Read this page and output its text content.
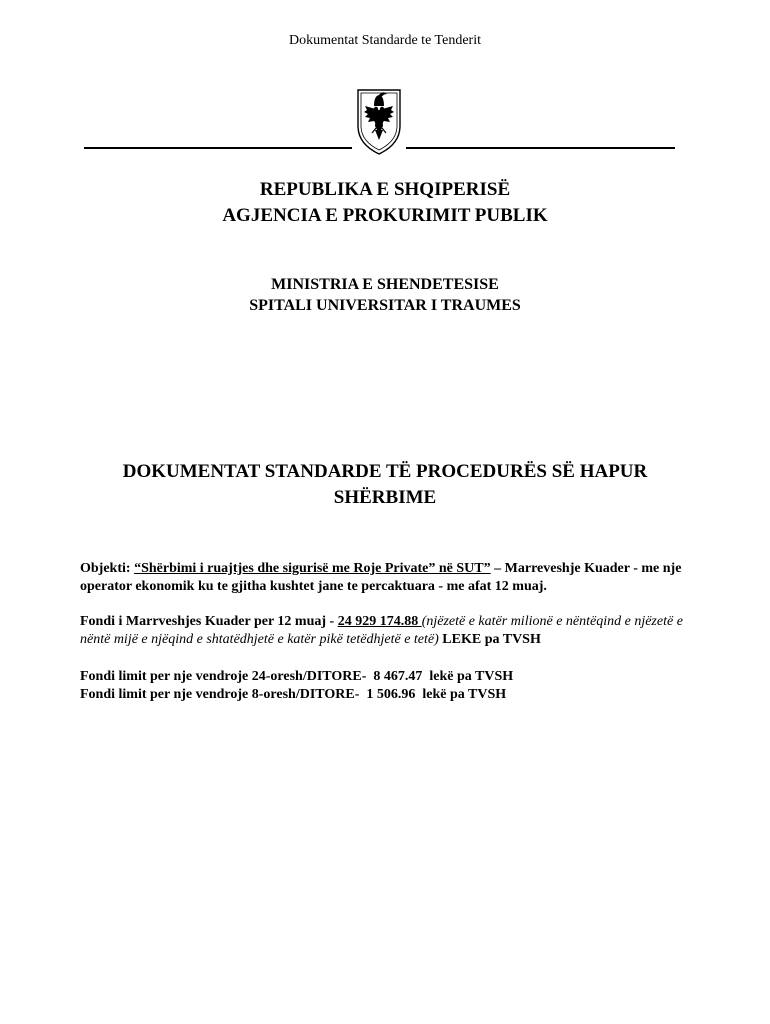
Dokumentat Standarde te Tenderit
REPUBLIKA E SHQIPERISË
AGJENCIA E PROKURIMIT PUBLIK
MINISTRIA E SHENDETESISE
SPITALI UNIVERSITAR I TRAUMES
DOKUMENTAT STANDARDE TË PROCEDURËS SË HAPUR
SHËRBIME
Objekti: “Shërbimi i ruajtjes dhe sigurisë me Roje Private” në SUT” – Marreveshje Kuader - me nje operator ekonomik ku te gjitha kushtet jane te percaktuara - me afat 12 muaj.
Fondi i Marrveshjes Kuader per 12 muaj - 24 929 174.88 (njëzetë e katër milionë e nëntëqind e njëzetë e nëntë mijë e njëqind e shtatëdhjetë e katër pikë tetëdhjetë e tetë) LEKE pa TVSH
Fondi limit per nje vendroje 24-oresh/DITORE-  8 467.47  lekë pa TVSH
Fondi limit per nje vendroje 8-oresh/DITORE-  1 506.96  lekë pa TVSH
